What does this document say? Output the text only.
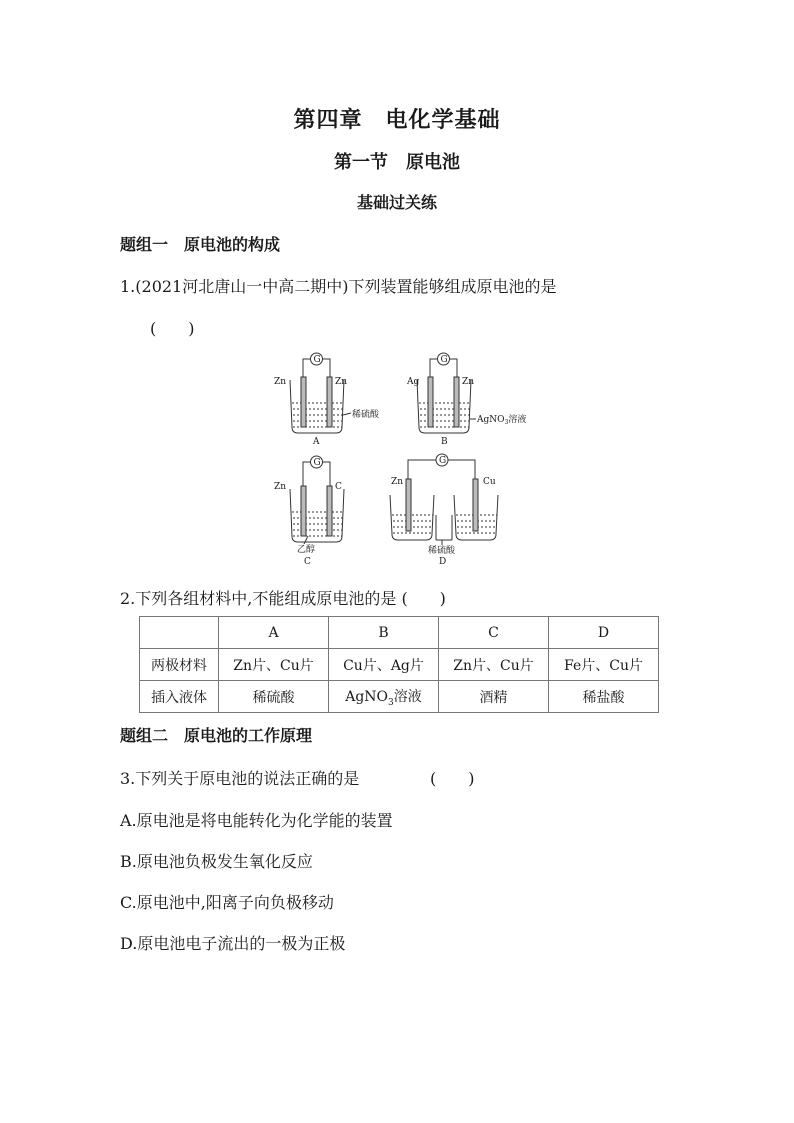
第四章　电化学基础
第一节　原电池
基础过关练
题组一　原电池的构成
1.(2021河北唐山一中高二期中)下列装置能够组成原电池的是
(　　)
G	G
G	G
Zn	Zn
稀硫酸
A
Ag	Zn
AgNO$_3$溶液
B
Zn	C
乙醇
C
Zn	Cu
稀硫酸
D
2.下列各组材料中,不能组成原电池的是 (　　)
	A	B	C	D
两极材料	Zn片、Cu片	Cu片、Ag片	Zn片、Cu片	Fe片、Cu片
插入液体	稀硫酸	AgNO$_3$溶液	酒精	稀盐酸
题组二　原电池的工作原理
3.下列关于原电池的说法正确的是	(　　)
A.原电池是将电能转化为化学能的装置
B.原电池负极发生氧化反应
C.原电池中,阳离子向负极移动
D.原电池电子流出的一极为正极
